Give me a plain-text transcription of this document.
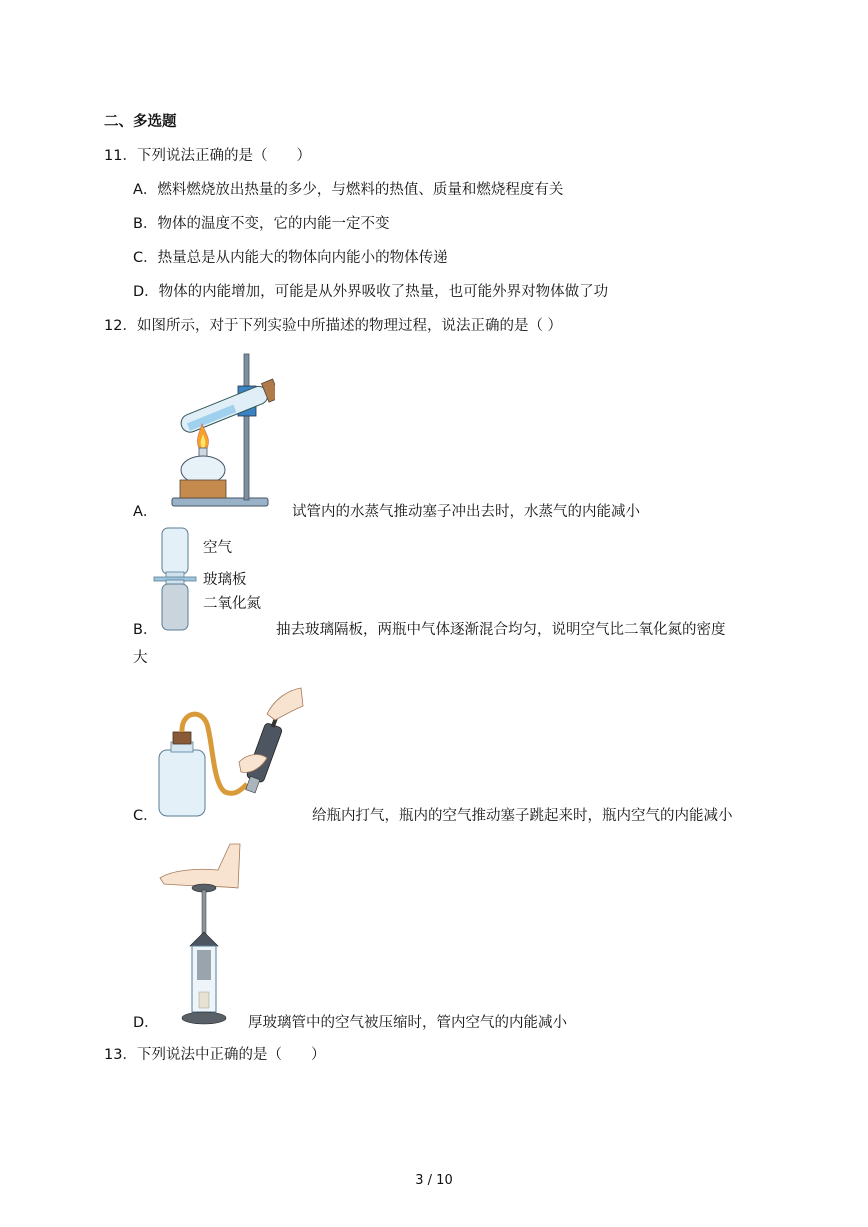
二、多选题
11．下列说法正确的是（　　）
A．燃料燃烧放出热量的多少，与燃料的热值、质量和燃烧程度有关
B．物体的温度不变，它的内能一定不变
C．热量总是从内能大的物体向内能小的物体传递
D．物体的内能增加，可能是从外界吸收了热量，也可能外界对物体做了功
12．如图所示，对于下列实验中所描述的物理过程，说法正确的是（ ）
A．	试管内的水蒸气推动塞子冲出去时，水蒸气的内能减小
空气
玻璃板
二氧化氮
B．	抽去玻璃隔板，两瓶中气体逐渐混合均匀，说明空气比二氧化氮的密度
大
C．	给瓶内打气，瓶内的空气推动塞子跳起来时，瓶内空气的内能减小
D．	厚玻璃管中的空气被压缩时，管内空气的内能减小
13．下列说法中正确的是（　　）
3 / 10
